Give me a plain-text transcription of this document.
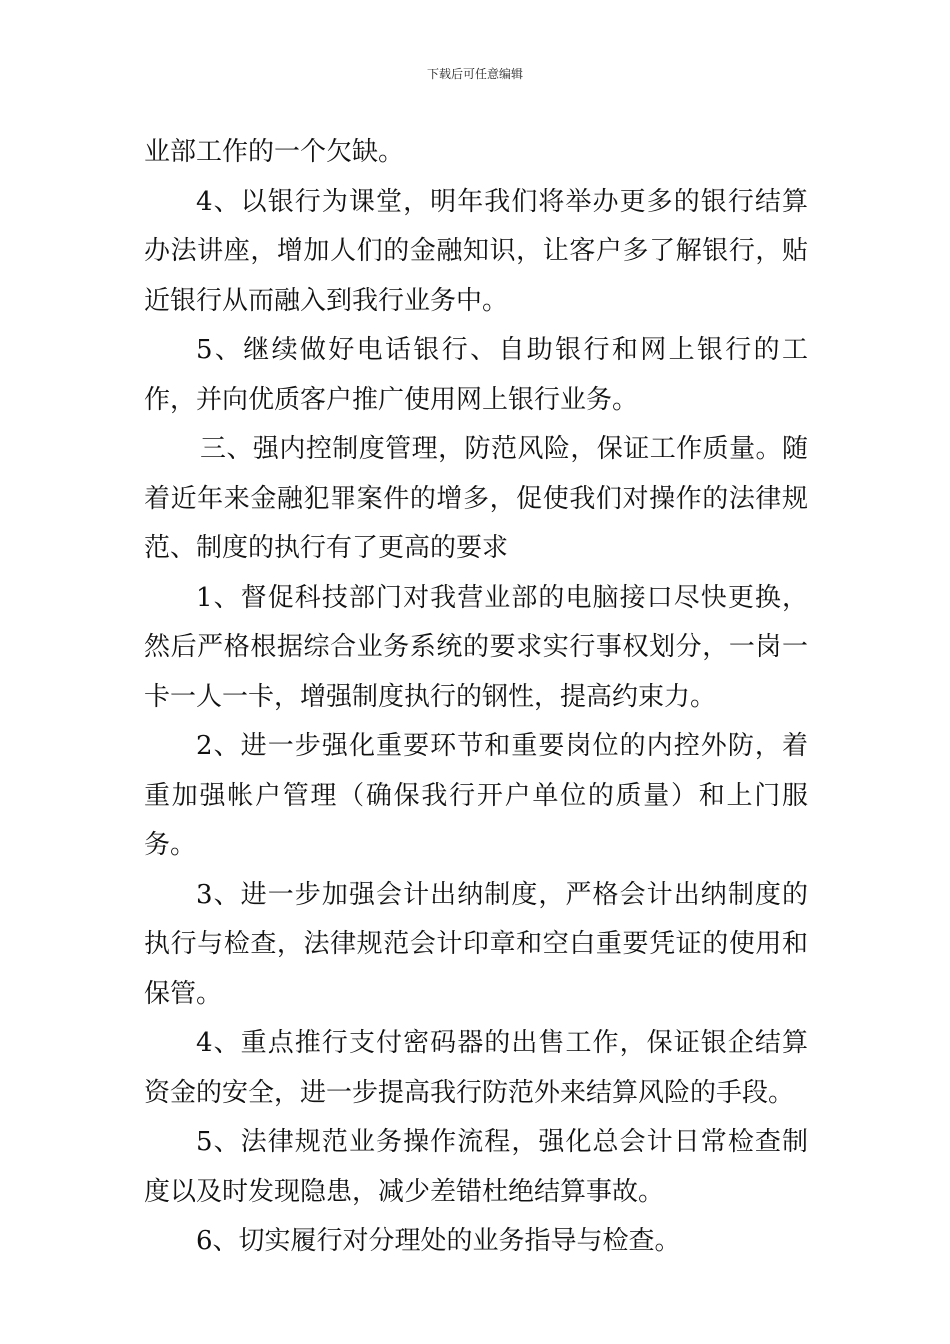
下载后可任意编辑

业部工作的一个欠缺。

4、以银行为课堂，明年我们将举办更多的银行结算办法讲座，增加人们的金融知识，让客户多了解银行，贴近银行从而融入到我行业务中。

5、继续做好电话银行、自助银行和网上银行的工作，并向优质客户推广使用网上银行业务。

三、强内控制度管理，防范风险，保证工作质量。随着近年来金融犯罪案件的增多，促使我们对操作的法律规范、制度的执行有了更高的要求

1、督促科技部门对我营业部的电脑接口尽快更换，然后严格根据综合业务系统的要求实行事权划分，一岗一卡一人一卡，增强制度执行的钢性，提高约束力。

2、进一步强化重要环节和重要岗位的内控外防，着重加强帐户管理（确保我行开户单位的质量）和上门服务。

3、进一步加强会计出纳制度，严格会计出纳制度的执行与检查，法律规范会计印章和空白重要凭证的使用和保管。

4、重点推行支付密码器的出售工作，保证银企结算资金的安全，进一步提高我行防范外来结算风险的手段。

5、法律规范业务操作流程，强化总会计日常检查制度以及时发现隐患，减少差错杜绝结算事故。

6、切实履行对分理处的业务指导与检查。
